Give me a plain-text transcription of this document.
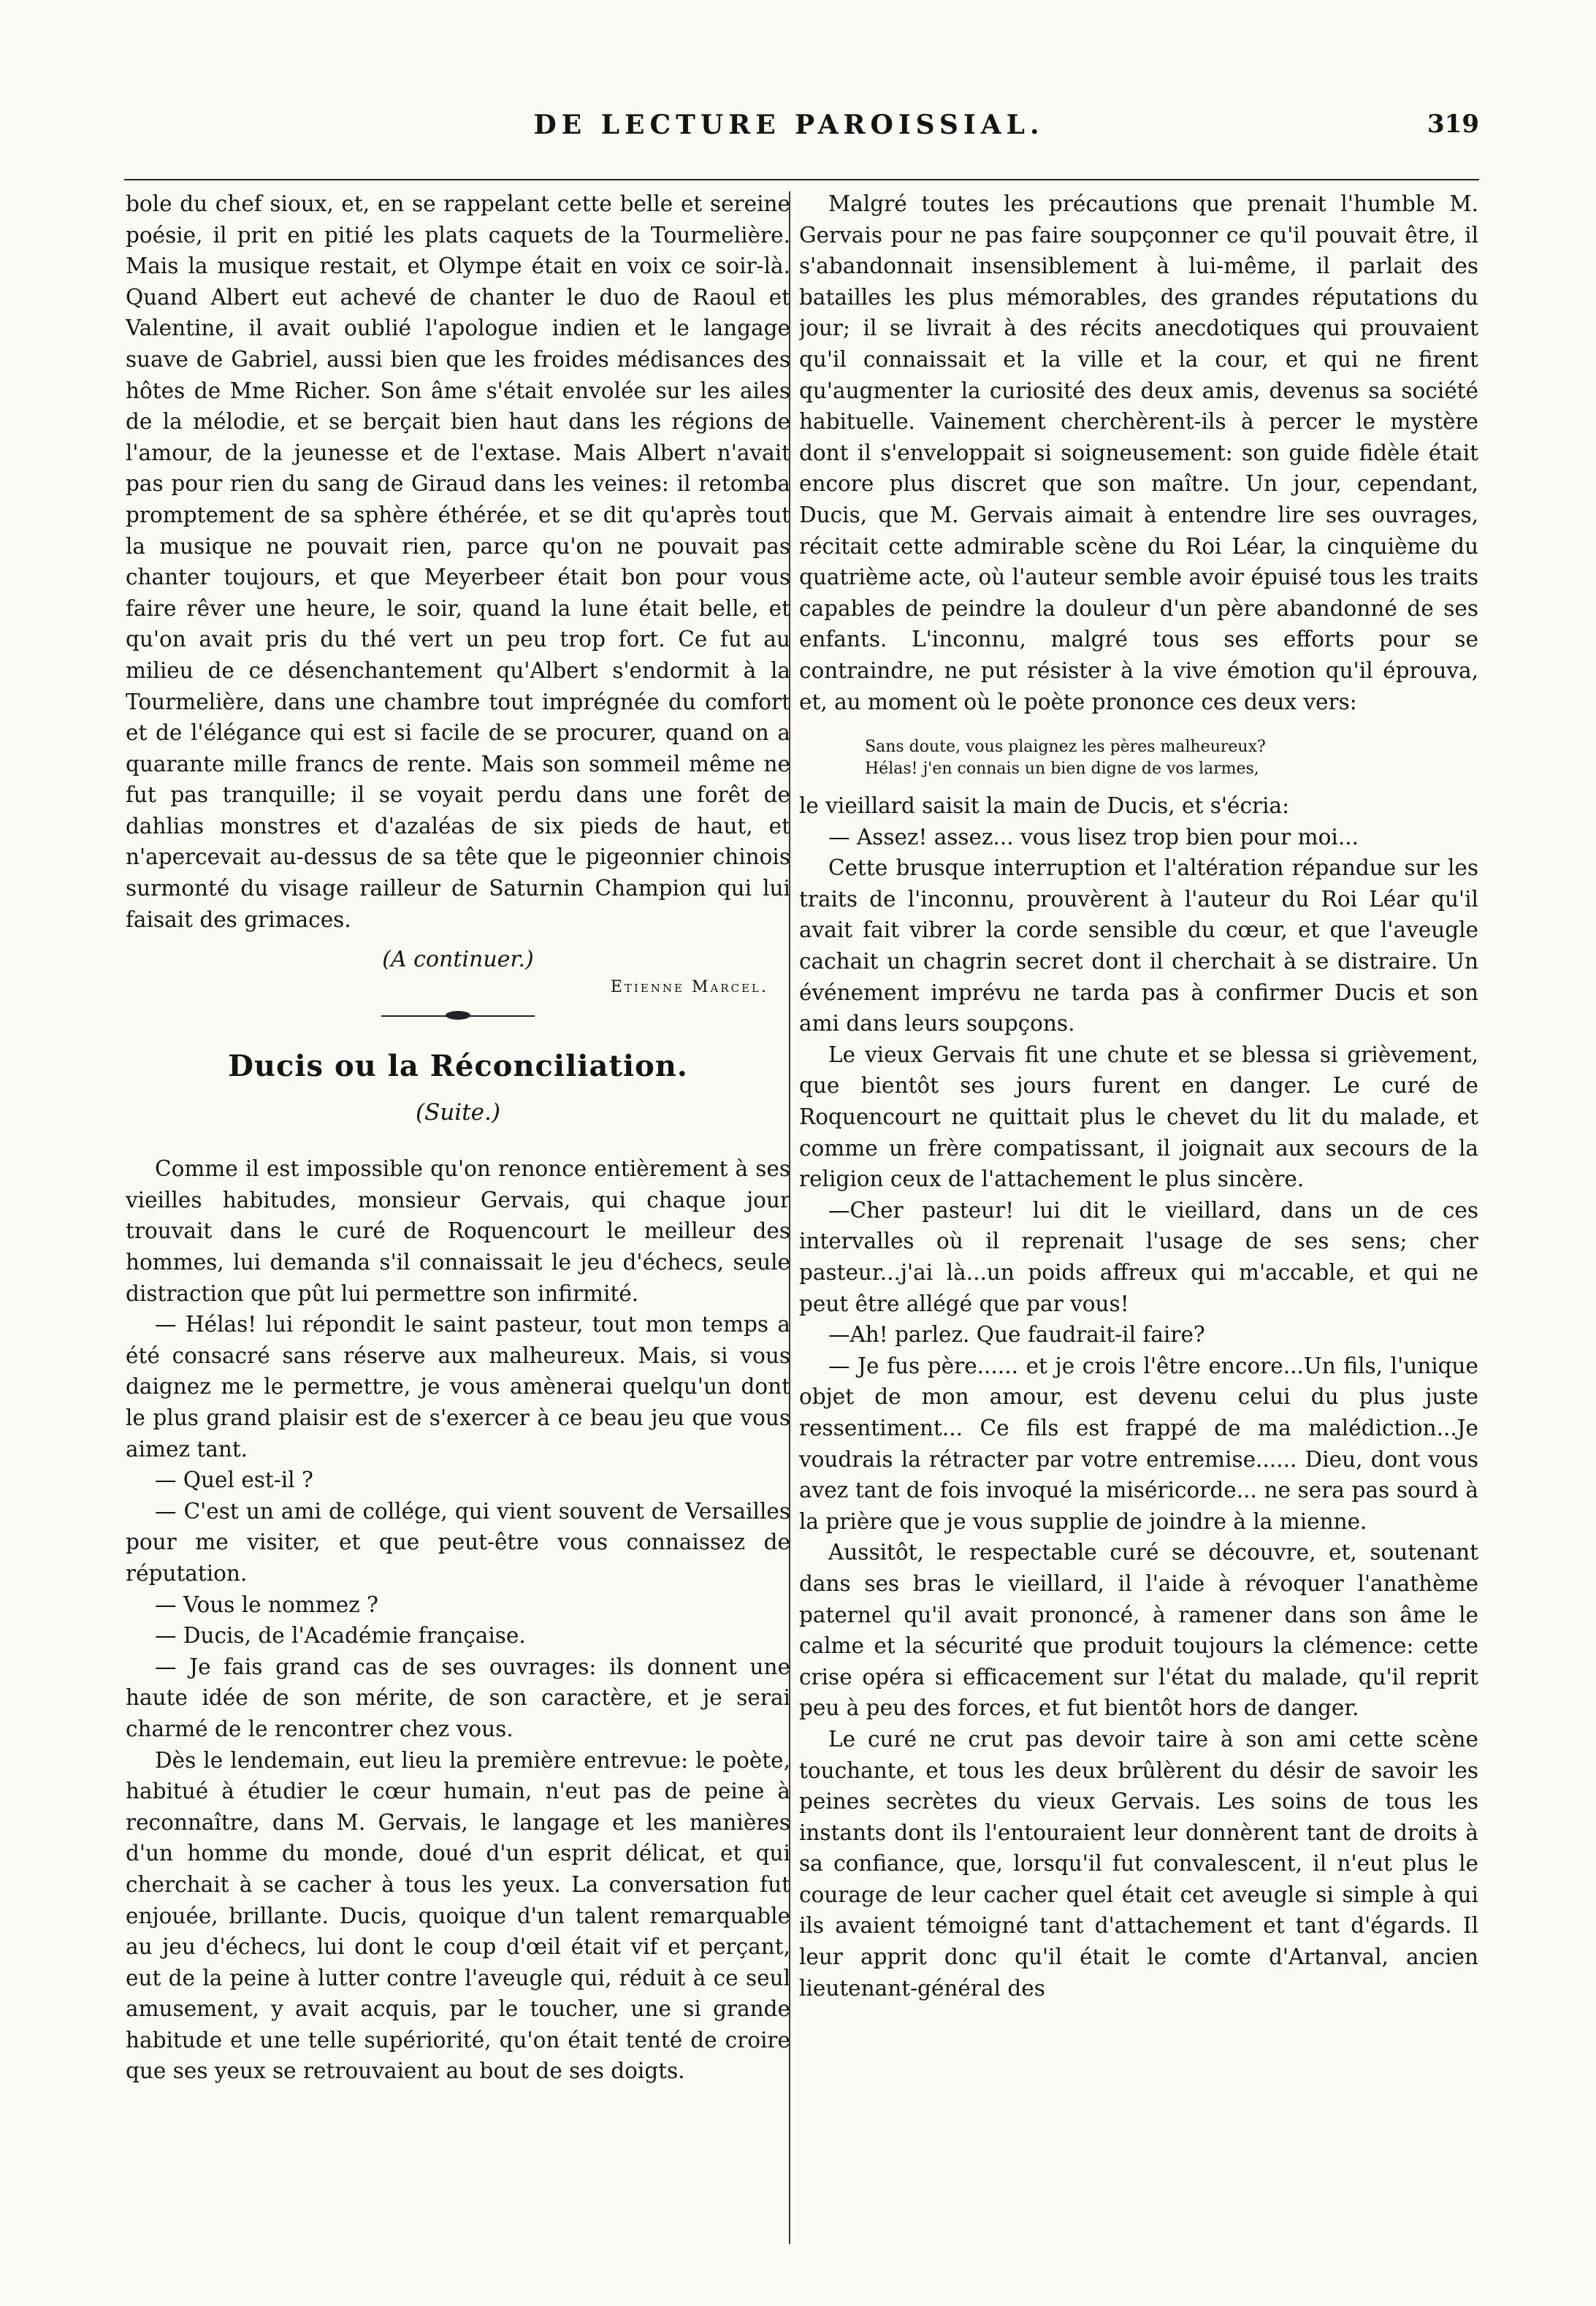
DE LECTURE PAROISSIAL.	319

bole du chef sioux, et, en se rappelant cette belle et sereine poésie, il prit en pitié les plats caquets de la Tourmelière. Mais la musique restait, et Olympe était en voix ce soir-là. Quand Albert eut achevé de chanter le duo de Raoul et Valentine, il avait oublié l'apologue indien et le langage suave de Gabriel, aussi bien que les froides médisances des hôtes de Mme Richer. Son âme s'était envolée sur les ailes de la mélodie, et se berçait bien haut dans les régions de l'amour, de la jeunesse et de l'extase. Mais Albert n'avait pas pour rien du sang de Giraud dans les veines: il retomba promptement de sa sphère éthérée, et se dit qu'après tout la musique ne pouvait rien, parce qu'on ne pouvait pas chanter toujours, et que Meyerbeer était bon pour vous faire rêver une heure, le soir, quand la lune était belle, et qu'on avait pris du thé vert un peu trop fort. Ce fut au milieu de ce désenchantement qu'Albert s'endormit à la Tourmelière, dans une chambre tout imprégnée du comfort et de l'élégance qui est si facile de se procurer, quand on a quarante mille francs de rente. Mais son sommeil même ne fut pas tranquille; il se voyait perdu dans une forêt de dahlias monstres et d'azaléas de six pieds de haut, et n'apercevait au-dessus de sa tête que le pigeonnier chinois surmonté du visage railleur de Saturnin Champion qui lui faisait des grimaces.

(A continuer.)
Etienne Marcel.
Ducis ou la Réconciliation.
(Suite.)

Comme il est impossible qu'on renonce entièrement à ses vieilles habitudes, monsieur Gervais, qui chaque jour trouvait dans le curé de Roquencourt le meilleur des hommes, lui demanda s'il connaissait le jeu d'échecs, seule distraction que pût lui permettre son infirmité.

— Hélas! lui répondit le saint pasteur, tout mon temps a été consacré sans réserve aux malheureux. Mais, si vous daignez me le permettre, je vous amènerai quelqu'un dont le plus grand plaisir est de s'exercer à ce beau jeu que vous aimez tant.

— Quel est-il ?

— C'est un ami de collége, qui vient souvent de Versailles pour me visiter, et que peut-être vous connaissez de réputation.

— Vous le nommez ?

— Ducis, de l'Académie française.

— Je fais grand cas de ses ouvrages: ils donnent une haute idée de son mérite, de son caractère, et je serai charmé de le rencontrer chez vous.

Dès le lendemain, eut lieu la première entrevue: le poète, habitué à étudier le cœur humain, n'eut pas de peine à reconnaître, dans M. Gervais, le langage et les manières d'un homme du monde, doué d'un esprit délicat, et qui cherchait à se cacher à tous les yeux. La conversation fut enjouée, brillante. Ducis, quoique d'un talent remarquable au jeu d'échecs, lui dont le coup d'œil était vif et perçant, eut de la peine à lutter contre l'aveugle qui, réduit à ce seul amusement, y avait acquis, par le toucher, une si grande habitude et une telle supériorité, qu'on était tenté de croire que ses yeux se retrouvaient au bout de ses doigts.

Malgré toutes les précautions que prenait l'humble M. Gervais pour ne pas faire soupçonner ce qu'il pouvait être, il s'abandonnait insensiblement à lui-même, il parlait des batailles les plus mémorables, des grandes réputations du jour; il se livrait à des récits anecdotiques qui prouvaient qu'il connaissait et la ville et la cour, et qui ne firent qu'augmenter la curiosité des deux amis, devenus sa société habituelle. Vainement cherchèrent-ils à percer le mystère dont il s'enveloppait si soigneusement: son guide fidèle était encore plus discret que son maître. Un jour, cependant, Ducis, que M. Gervais aimait à entendre lire ses ouvrages, récitait cette admirable scène du Roi Léar, la cinquième du quatrième acte, où l'auteur semble avoir épuisé tous les traits capables de peindre la douleur d'un père abandonné de ses enfants. L'inconnu, malgré tous ses efforts pour se contraindre, ne put résister à la vive émotion qu'il éprouva, et, au moment où le poète prononce ces deux vers:

Sans doute, vous plaignez les pères malheureux?
Hélas! j'en connais un bien digne de vos larmes,

le vieillard saisit la main de Ducis, et s'écria:

— Assez! assez... vous lisez trop bien pour moi...

Cette brusque interruption et l'altération répandue sur les traits de l'inconnu, prouvèrent à l'auteur du Roi Léar qu'il avait fait vibrer la corde sensible du cœur, et que l'aveugle cachait un chagrin secret dont il cherchait à se distraire. Un événement imprévu ne tarda pas à confirmer Ducis et son ami dans leurs soupçons.

Le vieux Gervais fit une chute et se blessa si grièvement, que bientôt ses jours furent en danger. Le curé de Roquencourt ne quittait plus le chevet du lit du malade, et comme un frère compatissant, il joignait aux secours de la religion ceux de l'attachement le plus sincère.

—Cher pasteur! lui dit le vieillard, dans un de ces intervalles où il reprenait l'usage de ses sens; cher pasteur...j'ai là...un poids affreux qui m'accable, et qui ne peut être allégé que par vous!

—Ah! parlez. Que faudrait-il faire?

— Je fus père...... et je crois l'être encore...Un fils, l'unique objet de mon amour, est devenu celui du plus juste ressentiment... Ce fils est frappé de ma malédiction...Je voudrais la rétracter par votre entremise...... Dieu, dont vous avez tant de fois invoqué la miséricorde... ne sera pas sourd à la prière que je vous supplie de joindre à la mienne.

Aussitôt, le respectable curé se découvre, et, soutenant dans ses bras le vieillard, il l'aide à révoquer l'anathème paternel qu'il avait prononcé, à ramener dans son âme le calme et la sécurité que produit toujours la clémence: cette crise opéra si efficacement sur l'état du malade, qu'il reprit peu à peu des forces, et fut bientôt hors de danger.

Le curé ne crut pas devoir taire à son ami cette scène touchante, et tous les deux brûlèrent du désir de savoir les peines secrètes du vieux Gervais. Les soins de tous les instants dont ils l'entouraient leur donnèrent tant de droits à sa confiance, que, lorsqu'il fut convalescent, il n'eut plus le courage de leur cacher quel était cet aveugle si simple à qui ils avaient témoigné tant d'attachement et tant d'égards. Il leur apprit donc qu'il était le comte d'Artanval, ancien lieutenant-général des
